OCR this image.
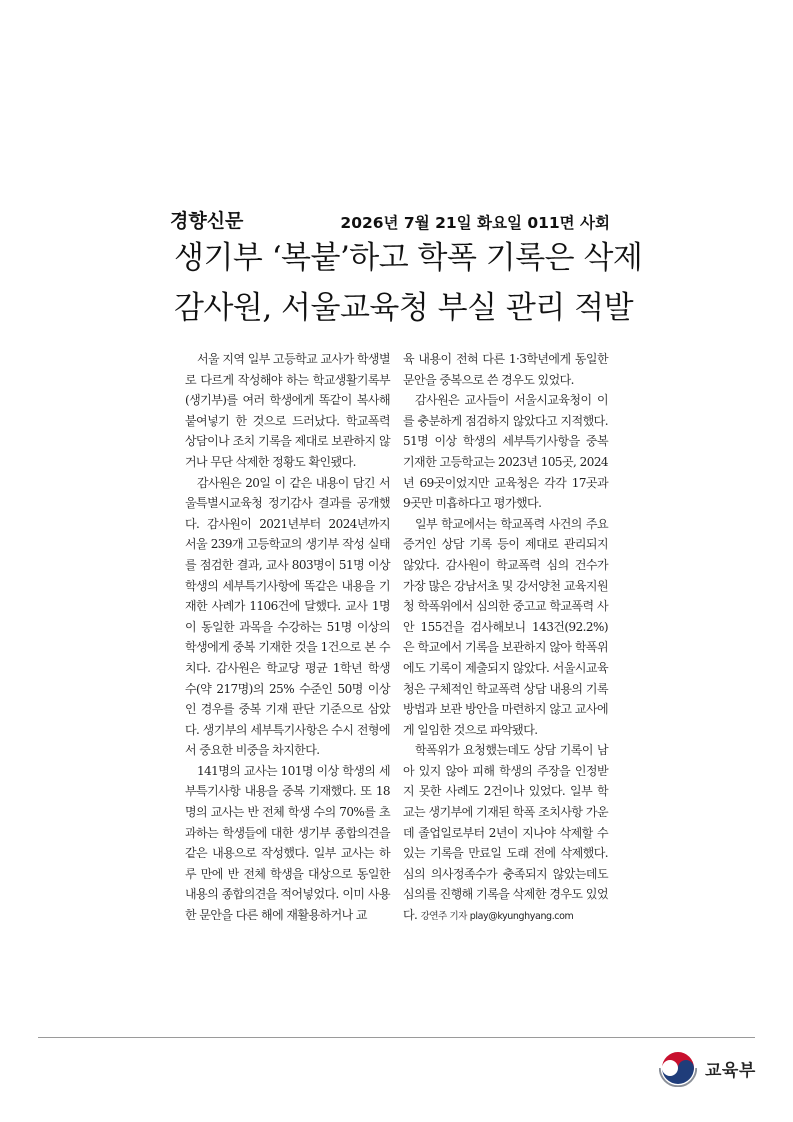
경향신문	2026년 7월 21일 화요일 011면 사회
생기부 ‘복붙’하고 학폭 기록은 삭제
감사원, 서울교육청 부실 관리 적발

서울 지역 일부 고등학교 교사가 학생별로 다르게 작성해야 하는 학교생활기록부(생기부)를 여러 학생에게 똑같이 복사해 붙여넣기 한 것으로 드러났다. 학교폭력 상담이나 조치 기록을 제대로 보관하지 않거나 무단 삭제한 정황도 확인됐다.

감사원은 20일 이 같은 내용이 담긴 서울특별시교육청 정기감사 결과를 공개했다. 감사원이 2021년부터 2024년까지 서울 239개 고등학교의 생기부 작성 실태를 점검한 결과, 교사 803명이 51명 이상 학생의 세부특기사항에 똑같은 내용을 기재한 사례가 1106건에 달했다. 교사 1명이 동일한 과목을 수강하는 51명 이상의 학생에게 중복 기재한 것을 1건으로 본 수치다. 감사원은 학교당 평균 1학년 학생 수(약 217명)의 25% 수준인 50명 이상인 경우를 중복 기재 판단 기준으로 삼았다. 생기부의 세부특기사항은 수시 전형에서 중요한 비중을 차지한다.

141명의 교사는 101명 이상 학생의 세부특기사항 내용을 중복 기재했다. 또 18명의 교사는 반 전체 학생 수의 70%를 초과하는 학생들에 대한 생기부 종합의견을 같은 내용으로 작성했다. 일부 교사는 하루 만에 반 전체 학생을 대상으로 동일한 내용의 종합의견을 적어넣었다. 이미 사용한 문안을 다른 해에 재활용하거나 교

육 내용이 전혀 다른 1·3학년에게 동일한 문안을 중복으로 쓴 경우도 있었다.

감사원은 교사들이 서울시교육청이 이를 충분하게 점검하지 않았다고 지적했다. 51명 이상 학생의 세부특기사항을 중복 기재한 고등학교는 2023년 105곳, 2024년 69곳이었지만 교육청은 각각 17곳과 9곳만 미흡하다고 평가했다.

일부 학교에서는 학교폭력 사건의 주요 증거인 상담 기록 등이 제대로 관리되지 않았다. 감사원이 학교폭력 심의 건수가 가장 많은 강남서초 및 강서양천 교육지원청 학폭위에서 심의한 중고교 학교폭력 사안 155건을 검사해보니 143건(92.2%)은 학교에서 기록을 보관하지 않아 학폭위에도 기록이 제출되지 않았다. 서울시교육청은 구체적인 학교폭력 상담 내용의 기록 방법과 보관 방안을 마련하지 않고 교사에게 일임한 것으로 파악됐다.

학폭위가 요청했는데도 상담 기록이 남아 있지 않아 피해 학생의 주장을 인정받지 못한 사례도 2건이나 있었다. 일부 학교는 생기부에 기재된 학폭 조치사항 가운데 졸업일로부터 2년이 지나야 삭제할 수 있는 기록을 만료일 도래 전에 삭제했다. 심의 의사정족수가 충족되지 않았는데도 심의를 진행해 기록을 삭제한 경우도 있었다. 강연주 기자 play@kyunghyang.com

교육부
